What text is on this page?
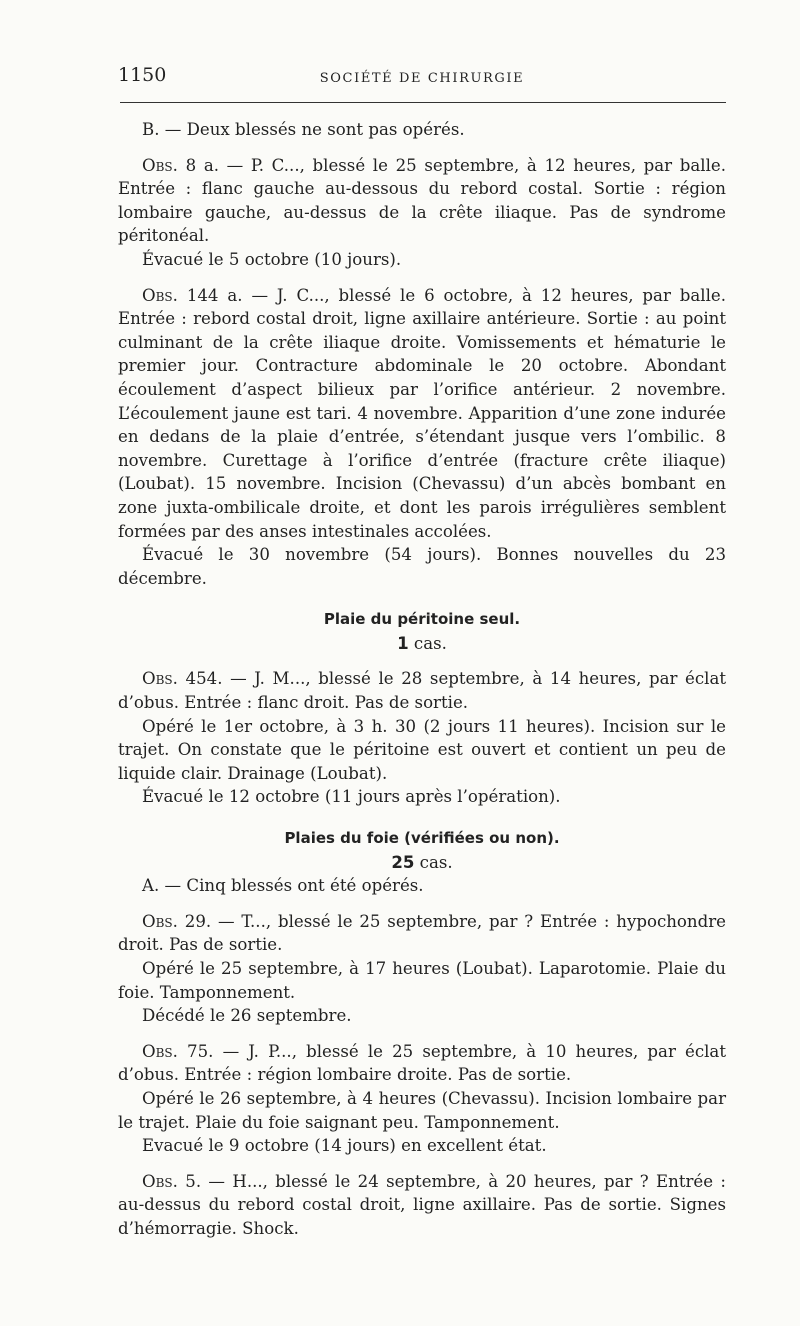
1150	SOCIÉTÉ DE CHIRURGIE

B. — Deux blessés ne sont pas opérés.

Obs. 8 a. — P. C..., blessé le 25 septembre, à 12 heures, par balle. Entrée : flanc gauche au-dessous du rebord costal. Sortie : région lombaire gauche, au-dessus de la crête iliaque. Pas de syndrome péritonéal.

Évacué le 5 octobre (10 jours).

Obs. 144 a. — J. C..., blessé le 6 octobre, à 12 heures, par balle. Entrée : rebord costal droit, ligne axillaire antérieure. Sortie : au point culminant de la crête iliaque droite. Vomissements et hématurie le premier jour. Contracture abdominale le 20 octobre. Abondant écoulement d’aspect bilieux par l’orifice antérieur. 2 novembre. L’écoulement jaune est tari. 4 novembre. Apparition d’une zone indurée en dedans de la plaie d’entrée, s’étendant jusque vers l’ombilic. 8 novembre. Curettage à l’orifice d’entrée (fracture crête iliaque) (Loubat). 15 novembre. Incision (Chevassu) d’un abcès bombant en zone juxta-ombilicale droite, et dont les parois irrégulières semblent formées par des anses intestinales accolées.

Évacué le 30 novembre (54 jours). Bonnes nouvelles du 23 décembre.

Plaie du péritoine seul.

1 cas.

Obs. 454. — J. M..., blessé le 28 septembre, à 14 heures, par éclat d’obus. Entrée : flanc droit. Pas de sortie.

Opéré le 1er octobre, à 3 h. 30 (2 jours 11 heures). Incision sur le trajet. On constate que le péritoine est ouvert et contient un peu de liquide clair. Drainage (Loubat).

Évacué le 12 octobre (11 jours après l’opération).

Plaies du foie (vérifiées ou non).

25 cas.

A. — Cinq blessés ont été opérés.

Obs. 29. — T..., blessé le 25 septembre, par ? Entrée : hypochondre droit. Pas de sortie.

Opéré le 25 septembre, à 17 heures (Loubat). Laparotomie. Plaie du foie. Tamponnement.

Décédé le 26 septembre.

Obs. 75. — J. P..., blessé le 25 septembre, à 10 heures, par éclat d’obus. Entrée : région lombaire droite. Pas de sortie.

Opéré le 26 septembre, à 4 heures (Chevassu). Incision lombaire par le trajet. Plaie du foie saignant peu. Tamponnement.

Evacué le 9 octobre (14 jours) en excellent état.

Obs. 5. — H..., blessé le 24 septembre, à 20 heures, par ? Entrée : au-dessus du rebord costal droit, ligne axillaire. Pas de sortie. Signes d’hémorragie. Shock.
